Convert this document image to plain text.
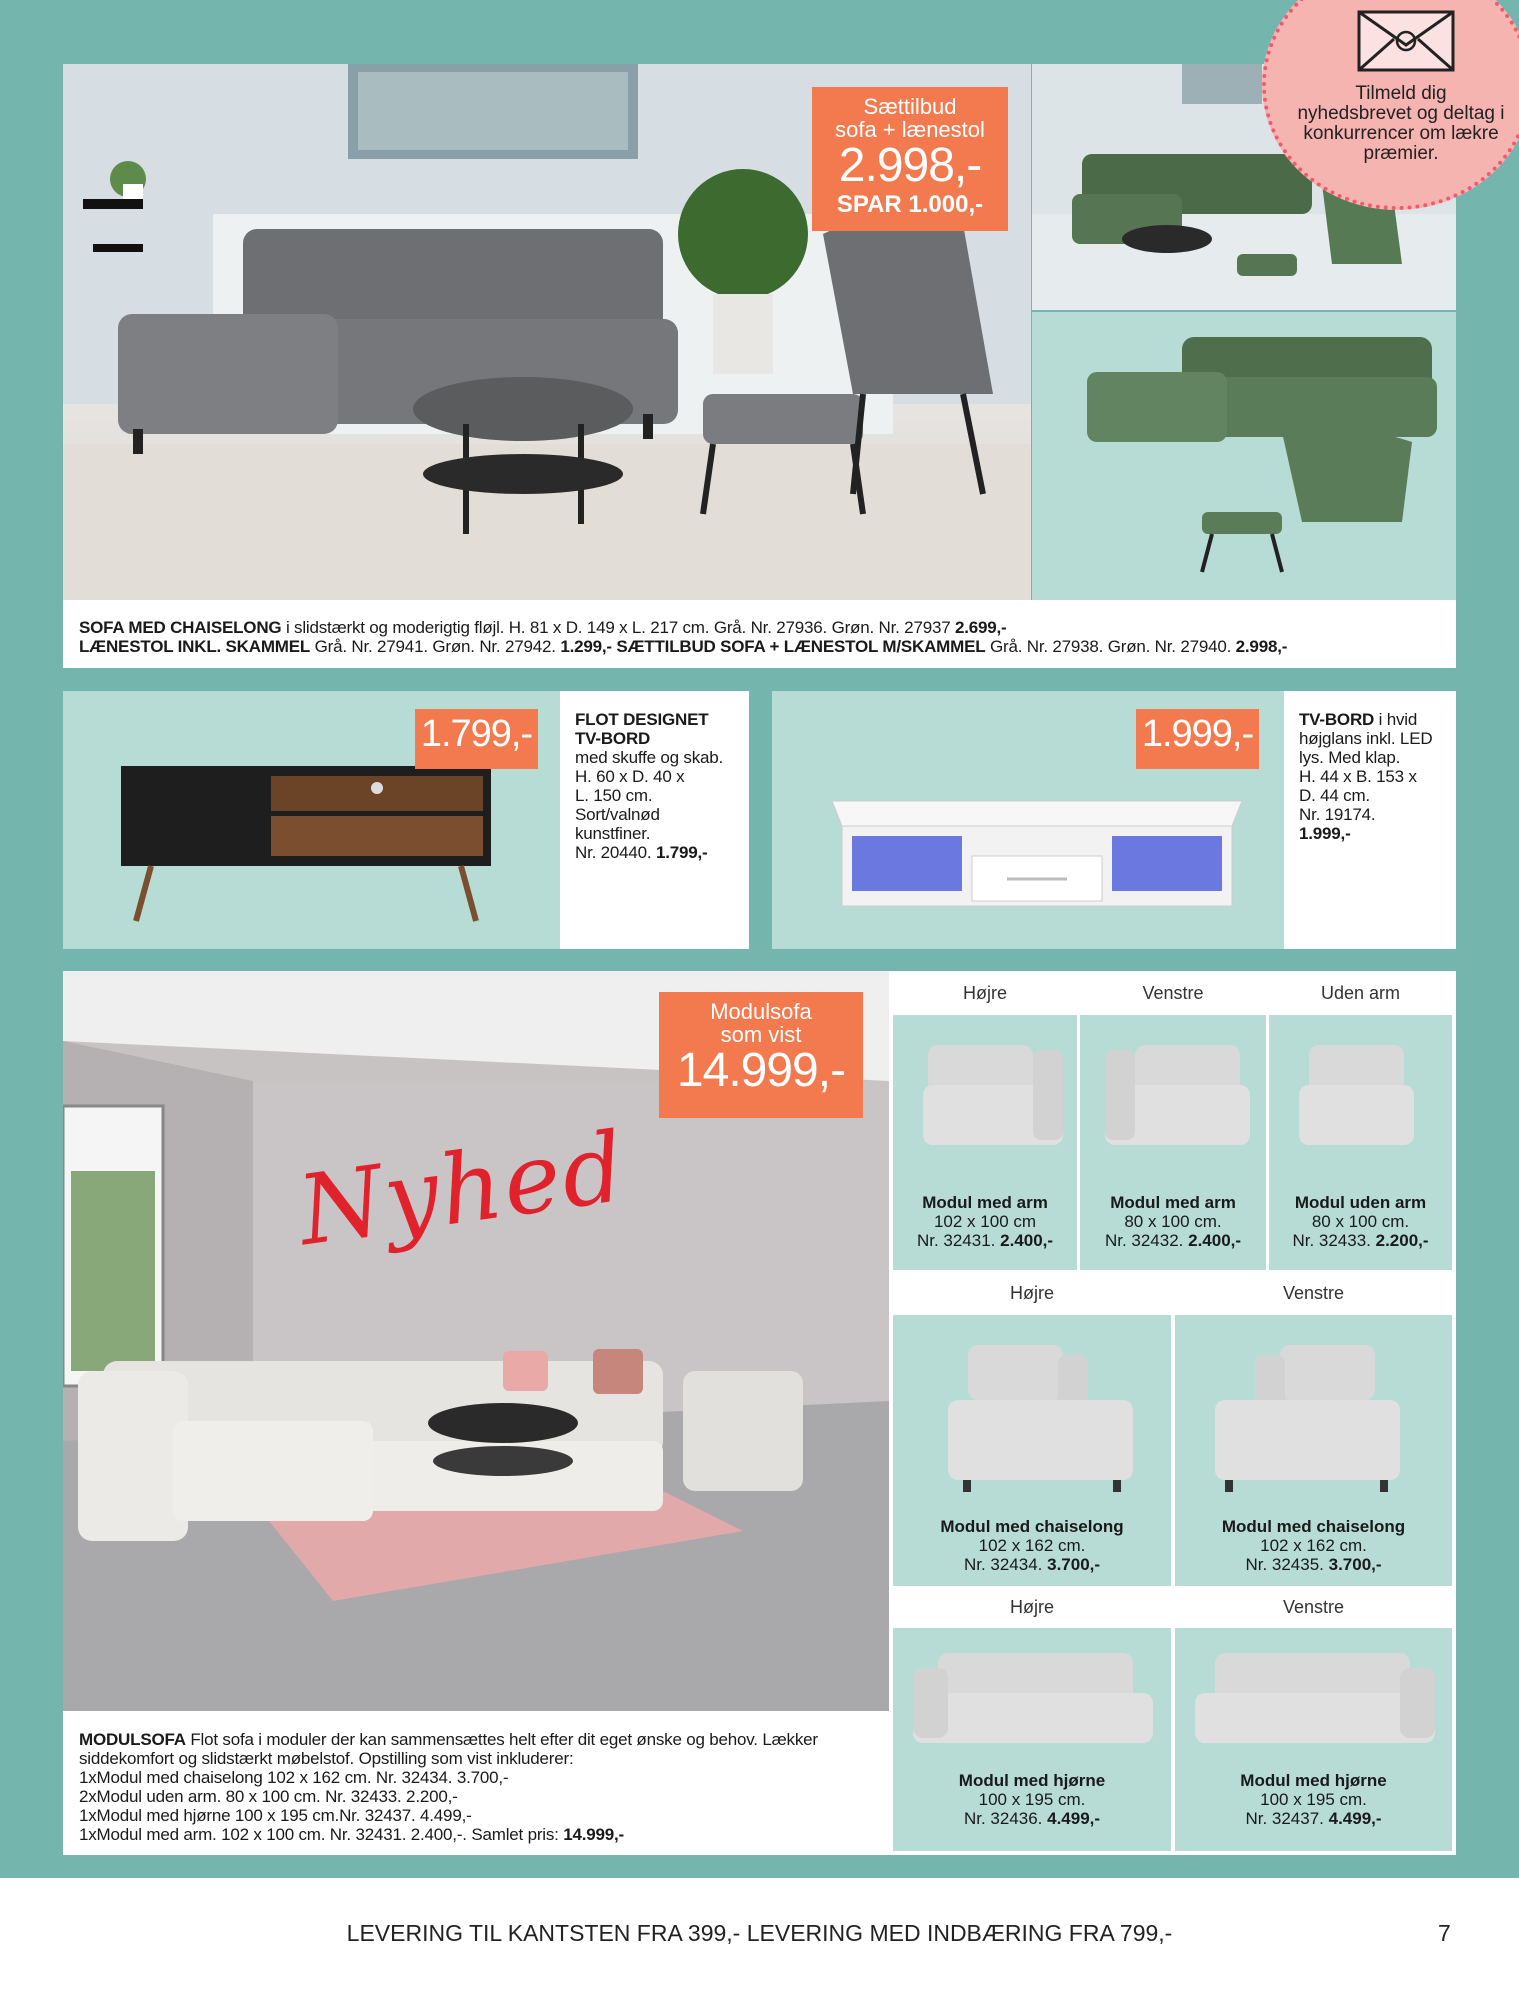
Sættilbud
sofa + lænestol
2.998,-
SPAR 1.000,-
SOFA MED CHAISELONG i slidstærkt og moderigtig fløjl. H. 81 x D. 149 x L. 217 cm. Grå. Nr. 27936. Grøn. Nr. 27937 2.699,-
LÆNESTOL INKL. SKAMMEL Grå. Nr. 27941. Grøn. Nr. 27942. 1.299,- SÆTTILBUD SOFA + LÆNESTOL M/SKAMMEL Grå. Nr. 27938. Grøn. Nr. 27940. 2.998,-
Tilmeld dig nyhedsbrevet og deltag i konkurrencer om lækre præmier.
1.799,-	FLOT DESIGNET
TV-BORD
med skuffe og skab.
H. 60 x D. 40 x
L. 150 cm.
Sort/valnød
kunstfiner.
Nr. 20440. 1.799,-
1.999,-	TV-BORD i hvid
højglans inkl. LED
lys. Med klap.
H. 44 x B. 153 x
D. 44 cm.
Nr. 19174.
1.999,-
Modulsofa
som vist
14.999,-
Nyhed
MODULSOFA Flot sofa i moduler der kan sammensættes helt efter dit eget ønske og behov. Lækker
siddekomfort og slidstærkt møbelstof. Opstilling som vist inkluderer:
1xModul med chaiselong 102 x 162 cm. Nr. 32434. 3.700,-
2xModul uden arm. 80 x 100 cm. Nr. 32433. 2.200,-
1xModul med hjørne 100 x 195 cm.Nr. 32437. 4.499,-
1xModul med arm. 102 x 100 cm. Nr. 32431. 2.400,-. Samlet pris: 14.999,-
Højre	Venstre	Uden arm
Modul med arm
102 x 100 cm
Nr. 32431. 2.400,-
Modul med arm
80 x 100 cm.
Nr. 32432. 2.400,-
Modul uden arm
80 x 100 cm.
Nr. 32433. 2.200,-
Højre	Venstre
Modul med chaiselong
102 x 162 cm.
Nr. 32434. 3.700,-
Modul med chaiselong
102 x 162 cm.
Nr. 32435. 3.700,-
Højre	Venstre
Modul med hjørne
100 x 195 cm.
Nr. 32436. 4.499,-
Modul med hjørne
100 x 195 cm.
Nr. 32437. 4.499,-
LEVERING TIL KANTSTEN FRA 399,- LEVERING MED INDBÆRING FRA 799,-	7
